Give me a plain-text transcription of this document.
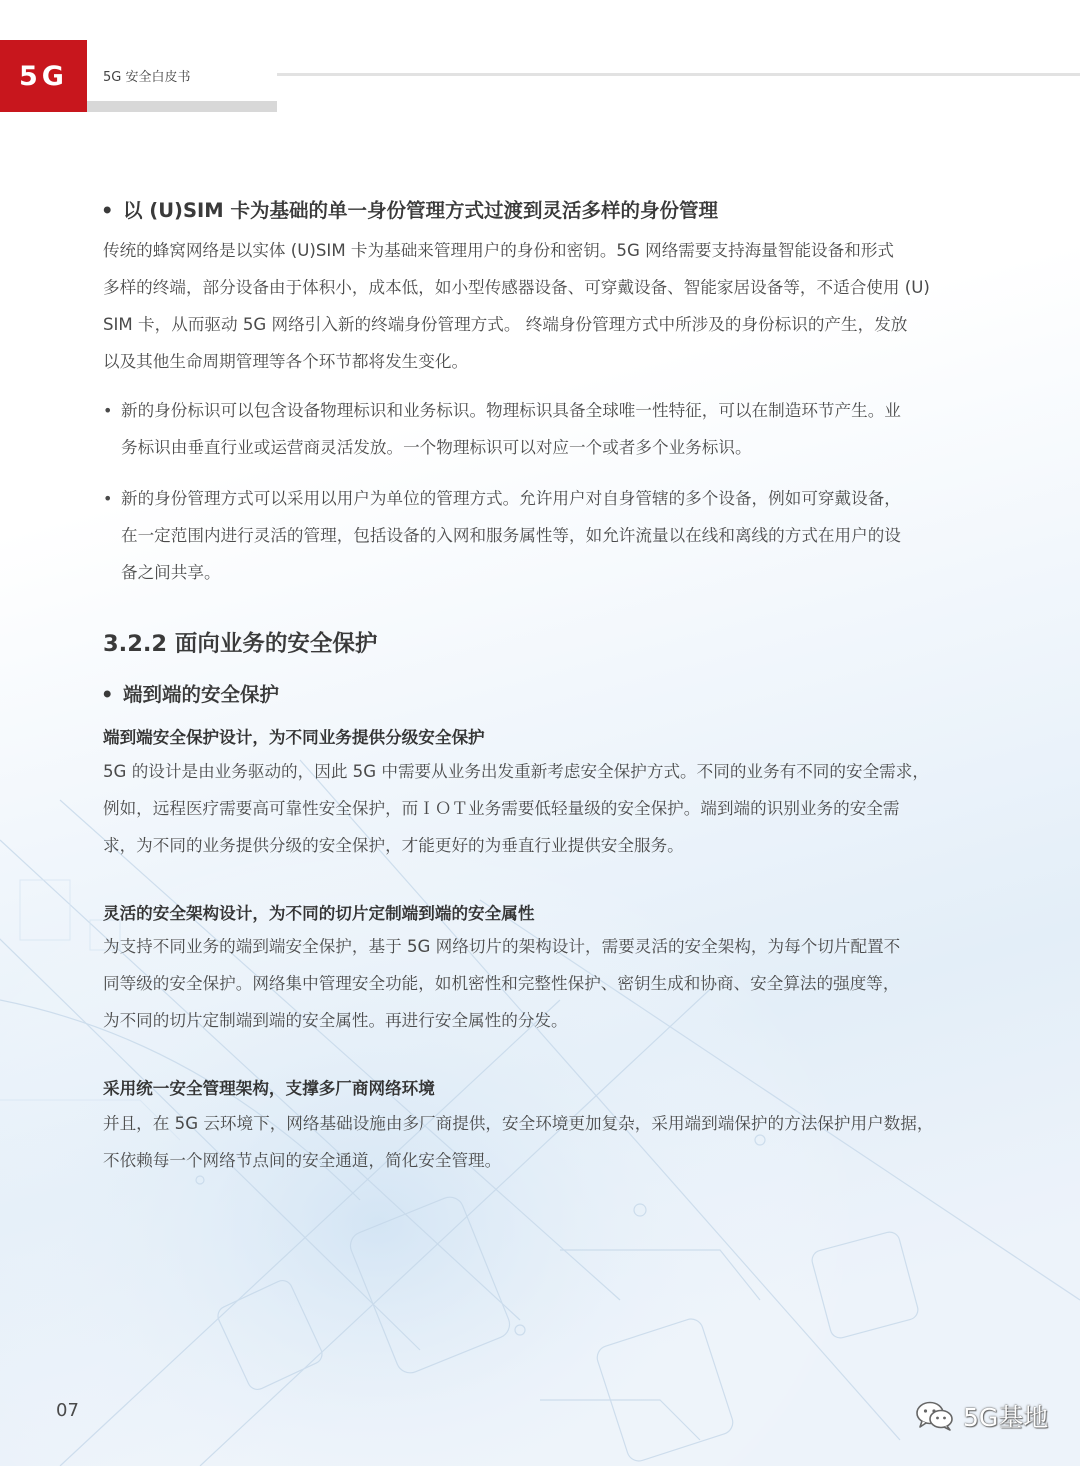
5G	5G 安全白皮书
• 以 (U)SIM 卡为基础的单一身份管理方式过渡到灵活多样的身份管理
传统的蜂窝网络是以实体 (U)SIM 卡为基础来管理用户的身份和密钥。5G 网络需要支持海量智能设备和形式
多样的终端，部分设备由于体积小，成本低，如小型传感器设备、可穿戴设备、智能家居设备等，不适合使用 (U)
SIM 卡，从而驱动 5G 网络引入新的终端身份管理方式。 终端身份管理方式中所涉及的身份标识的产生，发放
以及其他生命周期管理等各个环节都将发生变化。
• 新的身份标识可以包含设备物理标识和业务标识。物理标识具备全球唯一性特征，可以在制造环节产生。业
务标识由垂直行业或运营商灵活发放。一个物理标识可以对应一个或者多个业务标识。
• 新的身份管理方式可以采用以用户为单位的管理方式。允许用户对自身管辖的多个设备，例如可穿戴设备，
在一定范围内进行灵活的管理，包括设备的入网和服务属性等，如允许流量以在线和离线的方式在用户的设
备之间共享。
3.2.2 面向业务的安全保护
• 端到端的安全保护
端到端安全保护设计，为不同业务提供分级安全保护
5G 的设计是由业务驱动的，因此 5G 中需要从业务出发重新考虑安全保护方式。不同的业务有不同的安全需求，
例如，远程医疗需要高可靠性安全保护，而ＩＯＴ业务需要低轻量级的安全保护。端到端的识别业务的安全需
求，为不同的业务提供分级的安全保护，才能更好的为垂直行业提供安全服务。
灵活的安全架构设计，为不同的切片定制端到端的安全属性
为支持不同业务的端到端安全保护，基于 5G 网络切片的架构设计，需要灵活的安全架构，为每个切片配置不
同等级的安全保护。网络集中管理安全功能，如机密性和完整性保护、密钥生成和协商、安全算法的强度等，
为不同的切片定制端到端的安全属性。再进行安全属性的分发。
采用统一安全管理架构，支撑多厂商网络环境
并且，在 5G 云环境下，网络基础设施由多厂商提供，安全环境更加复杂，采用端到端保护的方法保护用户数据，
不依赖每一个网络节点间的安全通道，简化安全管理。
07	5G基地
